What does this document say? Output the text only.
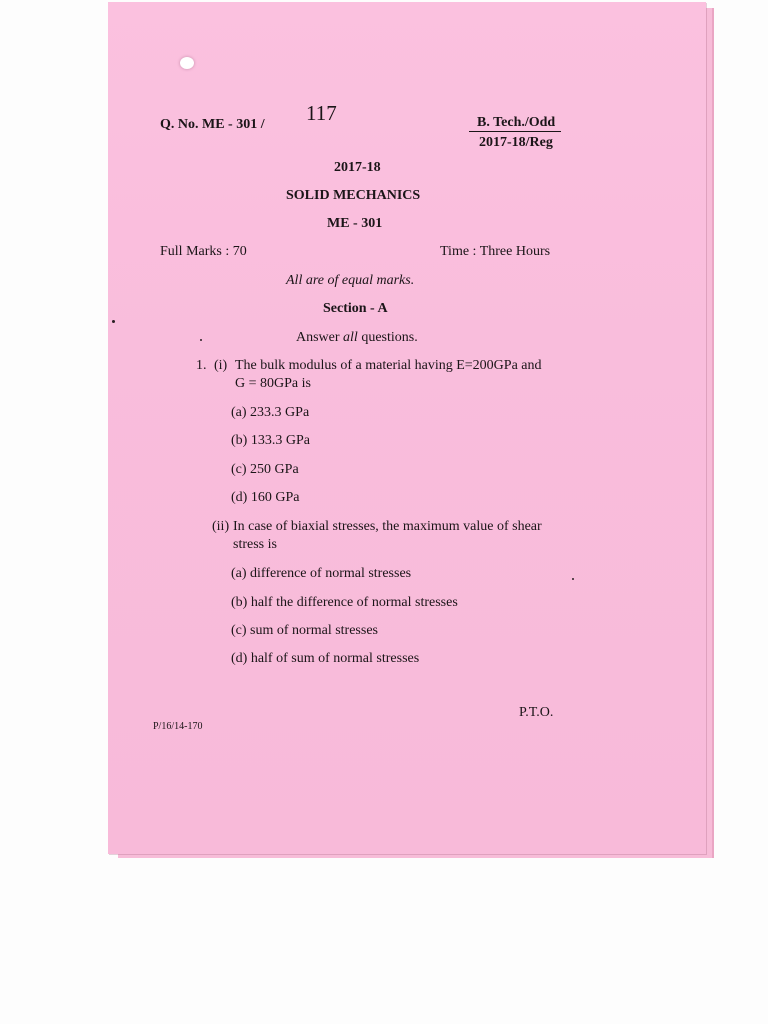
Q. No. ME - 301 / 117	B. Tech./Odd
2017-18/Reg
2017-18
SOLID MECHANICS
ME - 301
Full Marks : 70	Time : Three Hours
All are of equal marks.
Section - A
Answer all questions.
1. (i) The bulk modulus of a material having E=200GPa and
G = 80GPa is
(a) 233.3 GPa
(b) 133.3 GPa
(c) 250 GPa
(d) 160 GPa
(ii) In case of biaxial stresses, the maximum value of shear
stress is
(a) difference of normal stresses
(b) half the difference of normal stresses
(c) sum of normal stresses
(d) half of sum of normal stresses
P.T.O.
P/16/14-170
